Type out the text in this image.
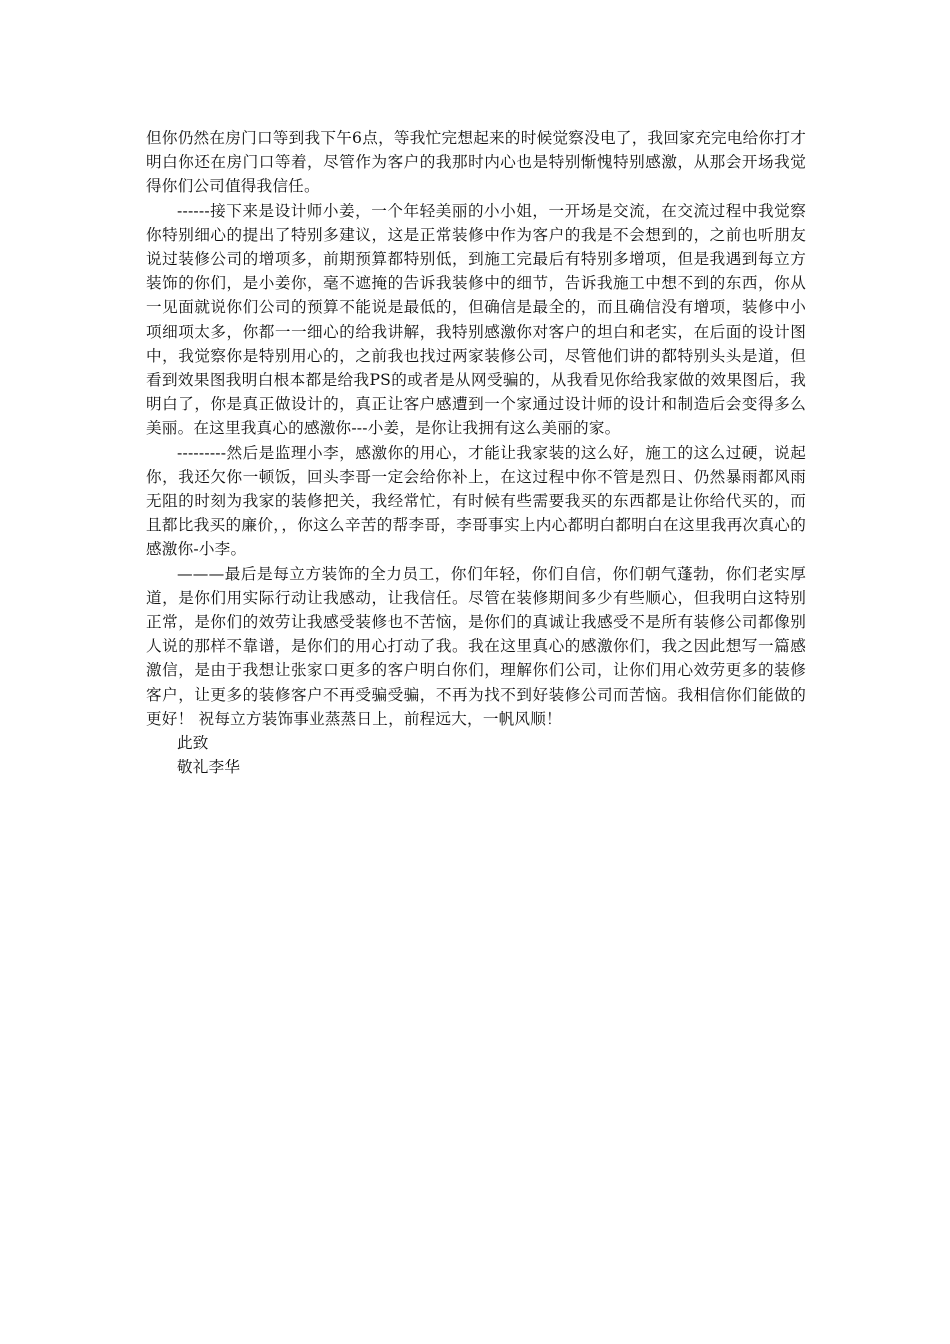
但你仍然在房门口等到我下午6点，等我忙完想起来的时候觉察没电了，我回家充完电给你打才明白你还在房门口等着，尽管作为客户的我那时内心也是特别惭愧特别感激，从那会开场我觉得你们公司值得我信任。

------接下来是设计师小姜，一个年轻美丽的小小姐，一开场是交流，在交流过程中我觉察你特别细心的提出了特别多建议，这是正常装修中作为客户的我是不会想到的，之前也听朋友说过装修公司的增项多，前期预算都特别低，到施工完最后有特别多增项，但是我遇到每立方装饰的你们，是小姜你，毫不遮掩的告诉我装修中的细节，告诉我施工中想不到的东西，你从一见面就说你们公司的预算不能说是最低的，但确信是最全的，而且确信没有增项，装修中小项细项太多，你都一一细心的给我讲解，我特别感激你对客户的坦白和老实，在后面的设计图中，我觉察你是特别用心的，之前我也找过两家装修公司，尽管他们讲的都特别头头是道，但看到效果图我明白根本都是给我PS的或者是从网受骗的，从我看见你给我家做的效果图后，我明白了，你是真正做设计的，真正让客户感遭到一个家通过设计师的设计和制造后会变得多么美丽。在这里我真心的感激你---小姜，是你让我拥有这么美丽的家。

---------然后是监理小李，感激你的用心，才能让我家装的这么好，施工的这么过硬，说起你，我还欠你一顿饭，回头李哥一定会给你补上，在这过程中你不管是烈日、仍然暴雨都风雨无阻的时刻为我家的装修把关，我经常忙，有时候有些需要我买的东西都是让你给代买的，而且都比我买的廉价，，你这么辛苦的帮李哥，李哥事实上内心都明白都明白在这里我再次真心的感激你-小李。

———最后是每立方装饰的全力员工，你们年轻，你们自信，你们朝气蓬勃，你们老实厚道，是你们用实际行动让我感动，让我信任。尽管在装修期间多少有些顺心，但我明白这特别正常，是你们的效劳让我感受装修也不苦恼，是你们的真诚让我感受不是所有装修公司都像别人说的那样不靠谱，是你们的用心打动了我。我在这里真心的感激你们，我之因此想写一篇感激信，是由于我想让张家口更多的客户明白你们，理解你们公司，让你们用心效劳更多的装修客户，让更多的装修客户不再受骗受骗，不再为找不到好装修公司而苦恼。我相信你们能做的更好！ 祝每立方装饰事业蒸蒸日上，前程远大，一帆风顺！

此致

敬礼李华
